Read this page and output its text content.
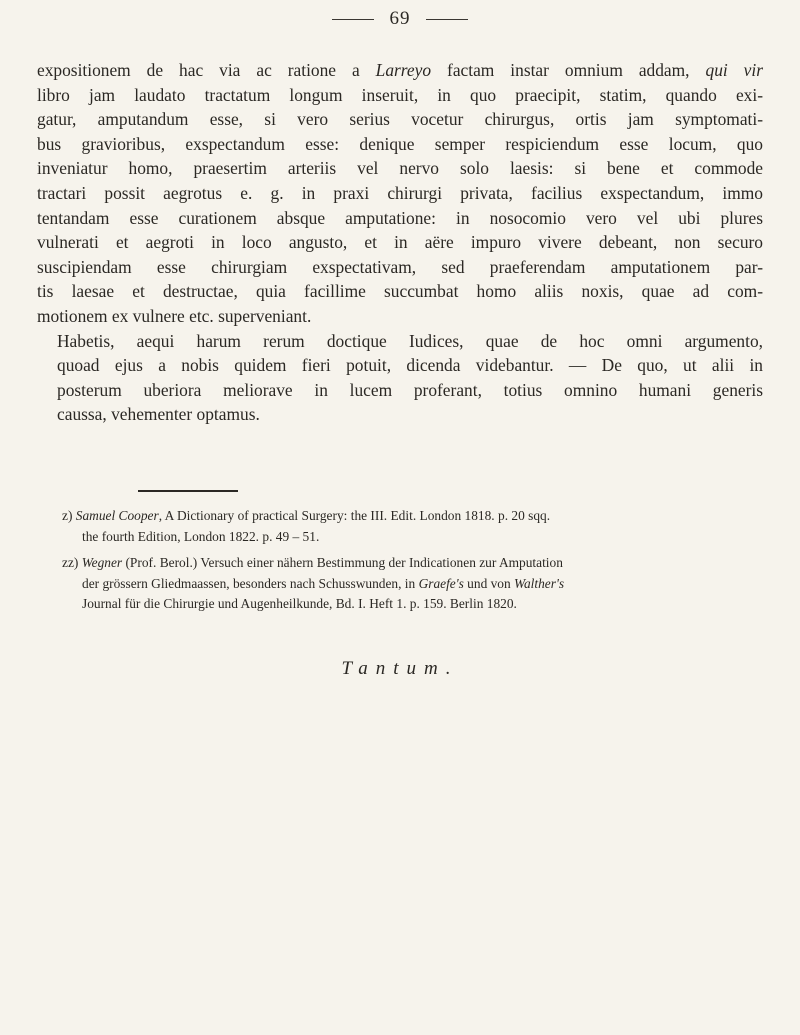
69

expositionem de hac via ac ratione a Larreyo factam instar omnium addam, qui vir
libro jam laudato tractatum longum inseruit, in quo praecipit, statim, quando exi-
gatur, amputandum esse, si vero serius vocetur chirurgus, ortis jam symptomati-
bus gravioribus, exspectandum esse: denique semper respiciendum esse locum, quo
inveniatur homo, praesertim arteriis vel nervo solo laesis: si bene et commode
tractari possit aegrotus e. g. in praxi chirurgi privata, facilius exspectandum, immo
tentandam esse curationem absque amputatione: in nosocomio vero vel ubi plures
vulnerati et aegroti in loco angusto, et in aëre impuro vivere debeant, non securo
suscipiendam esse chirurgiam exspectativam, sed praeferendam amputationem par-
tis laesae et destructae, quia facillime succumbat homo aliis noxis, quae ad com-
motionem ex vulnere etc. superveniant.

Habetis, aequi harum rerum doctique Iudices, quae de hoc omni argumento,
quoad ejus a nobis quidem fieri potuit, dicenda videbantur. — De quo, ut alii in
posterum uberiora meliorave in lucem proferant, totius omnino humani generis
caussa, vehementer optamus.

z) Samuel Cooper, A Dictionary of practical Surgery: the III. Edit. London 1818. p. 20 sqq.
the fourth Edition, London 1822. p. 49 – 51.
zz) Wegner (Prof. Berol.) Versuch einer nähern Bestimmung der Indicationen zur Amputation
der grössern Gliedmaassen, besonders nach Schusswunden, in Graefe's und von Walther's
Journal für die Chirurgie und Augenheilkunde, Bd. I. Heft 1. p. 159. Berlin 1820.
Tantum.
